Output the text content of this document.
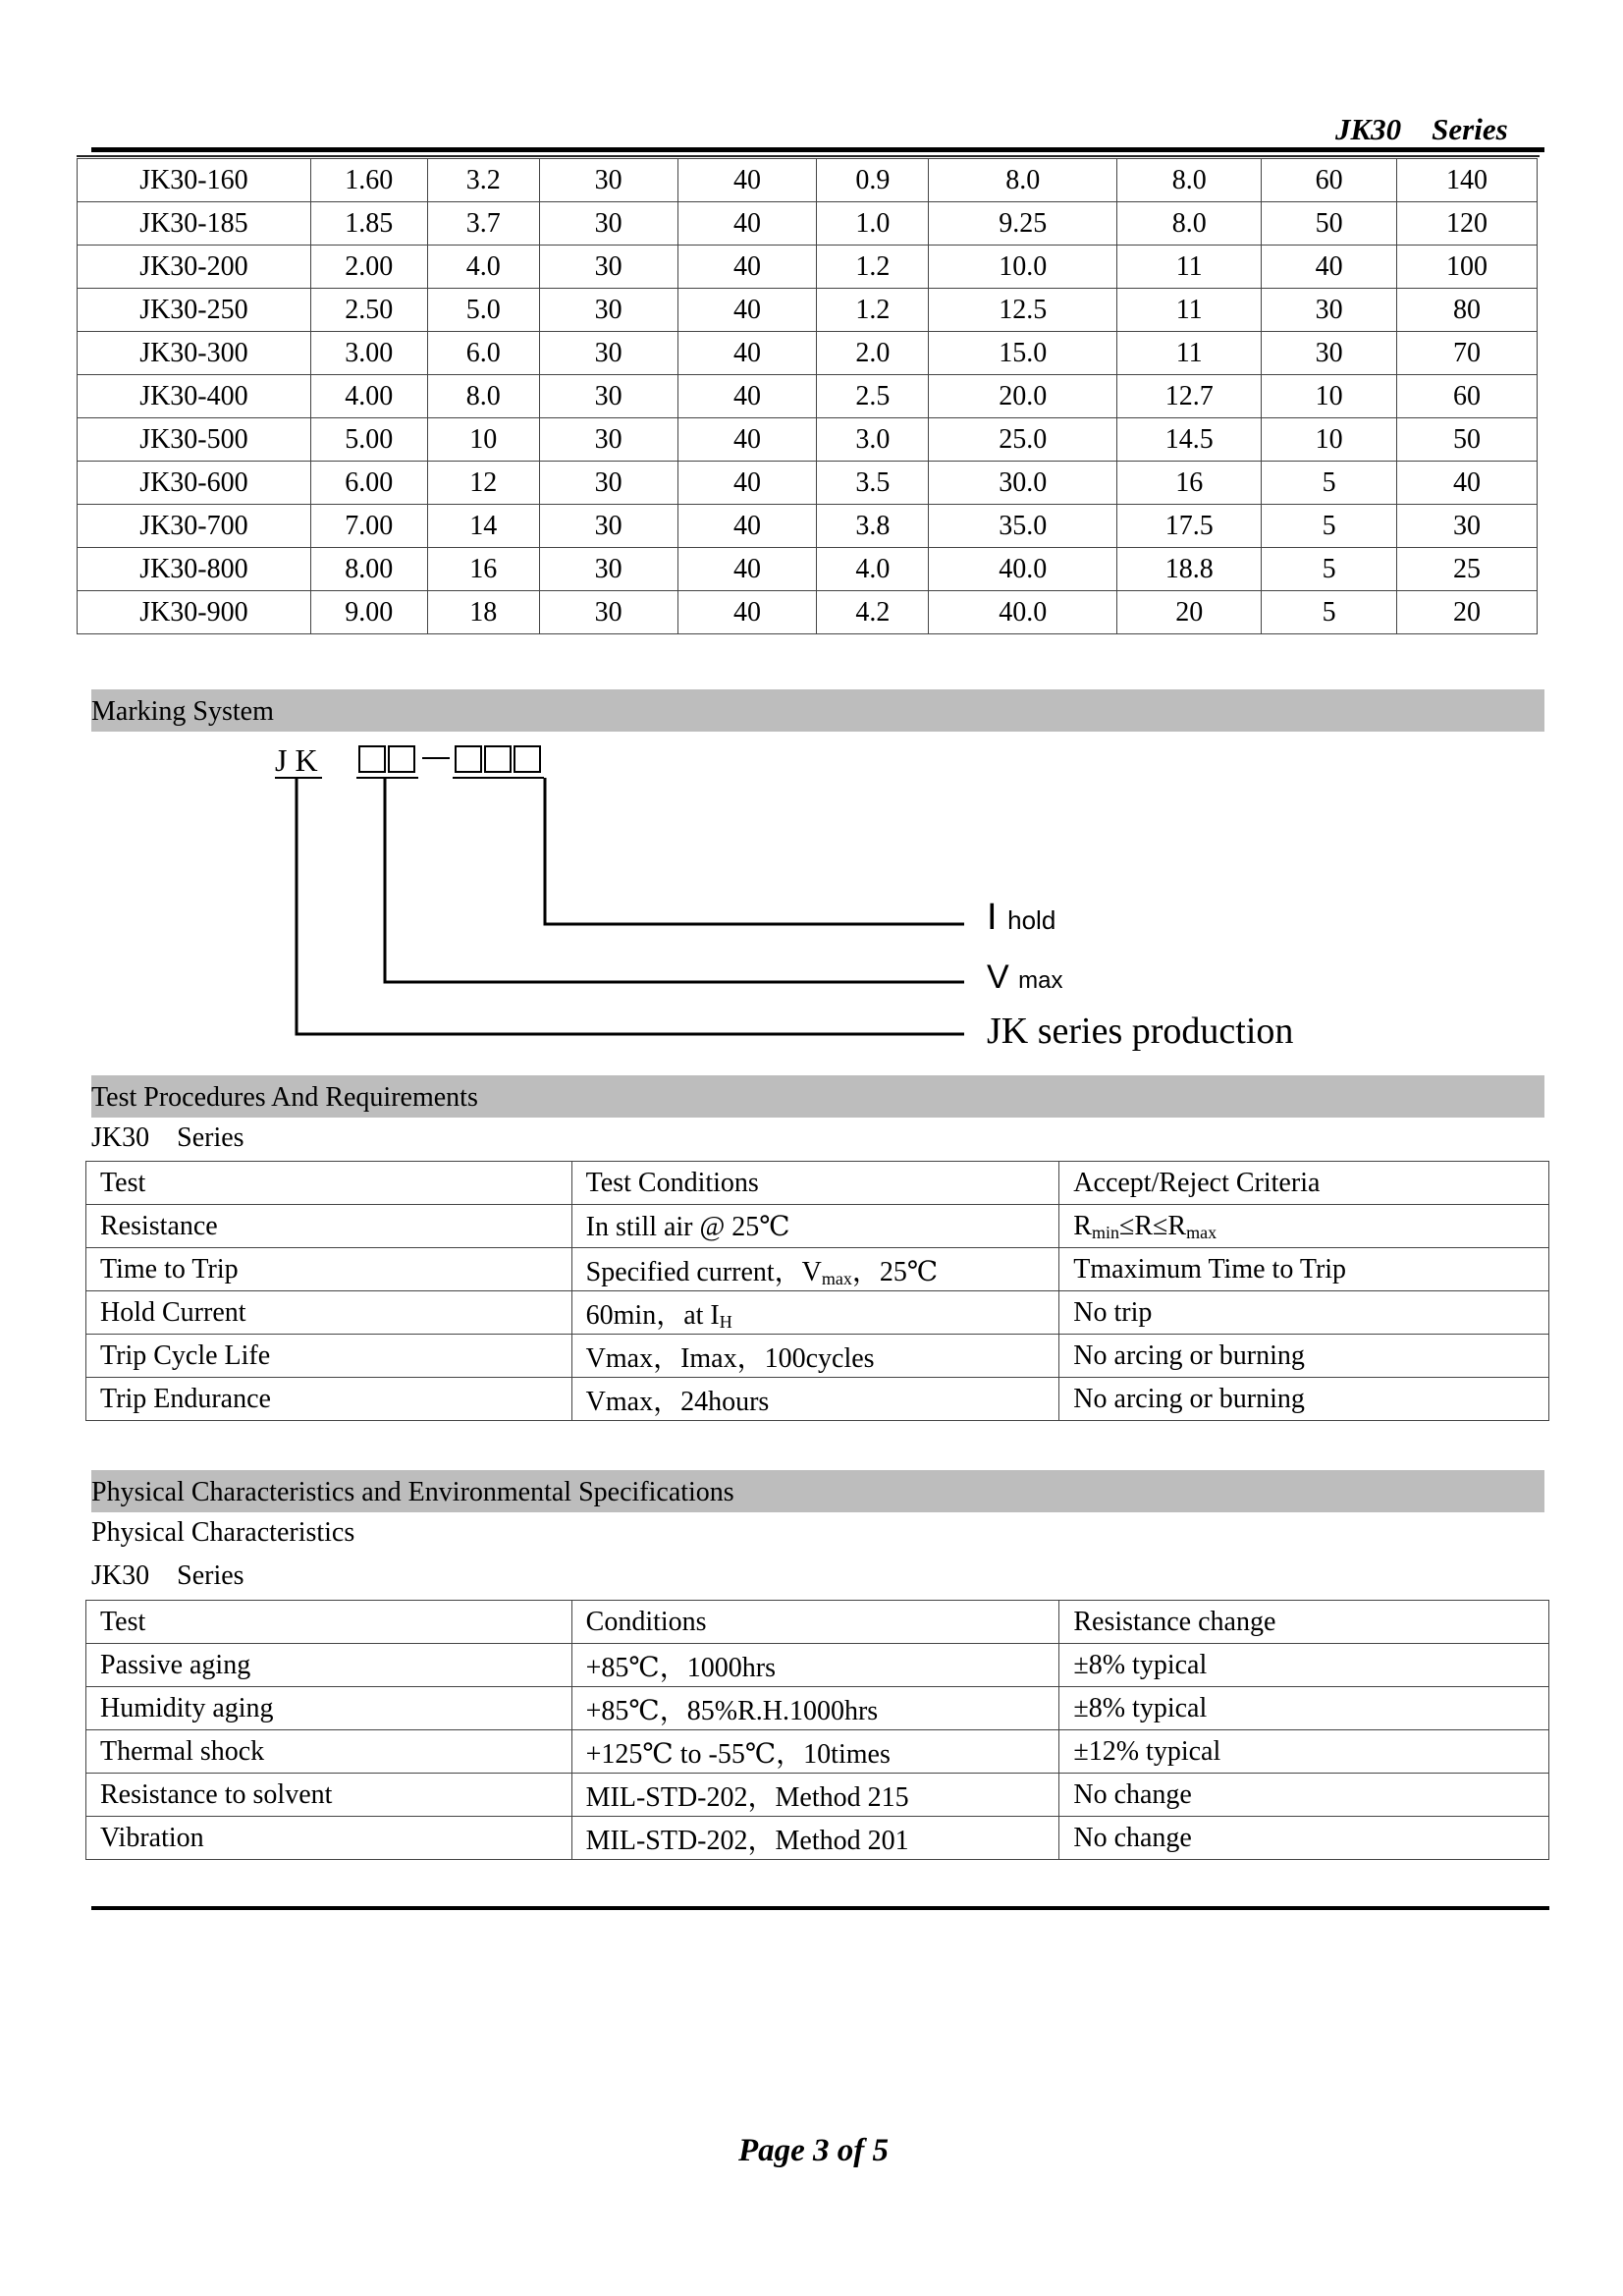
JK30    Series
JK30-160	1.60	3.2	30	40	0.9	8.0	8.0	60	140
JK30-185	1.85	3.7	30	40	1.0	9.25	8.0	50	120
JK30-200	2.00	4.0	30	40	1.2	10.0	11	40	100
JK30-250	2.50	5.0	30	40	1.2	12.5	11	30	80
JK30-300	3.00	6.0	30	40	2.0	15.0	11	30	70
JK30-400	4.00	8.0	30	40	2.5	20.0	12.7	10	60
JK30-500	5.00	10	30	40	3.0	25.0	14.5	10	50
JK30-600	6.00	12	30	40	3.5	30.0	16	5	40
JK30-700	7.00	14	30	40	3.8	35.0	17.5	5	30
JK30-800	8.00	16	30	40	4.0	40.0	18.8	5	25
JK30-900	9.00	18	30	40	4.2	40.0	20	5	20
Marking System
J K
I hold
V max
JK series production
Test Procedures And Requirements
JK30    Series
Test	Test Conditions	Accept/Reject Criteria
Resistance	In still air @ 25℃	$R_{min}\le R\le R_{max}$
Time to Trip	Specified current，$V_{max}$，25℃	Tmaximum Time to Trip
Hold Current	60min，at $I_H$	No trip
Trip Cycle Life	Vmax，Imax，100cycles	No arcing or burning
Trip Endurance	Vmax，24hours	No arcing or burning
Physical Characteristics and Environmental Specifications
Physical Characteristics
JK30    Series
Test	Conditions	Resistance change
Passive aging	+85℃，1000hrs	±8% typical
Humidity aging	+85℃，85%R.H.1000hrs	±8% typical
Thermal shock	+125℃ to -55℃，10times	±12% typical
Resistance to solvent	MIL-STD-202，Method 215	No change
Vibration	MIL-STD-202，Method 201	No change
Page 3 of 5
